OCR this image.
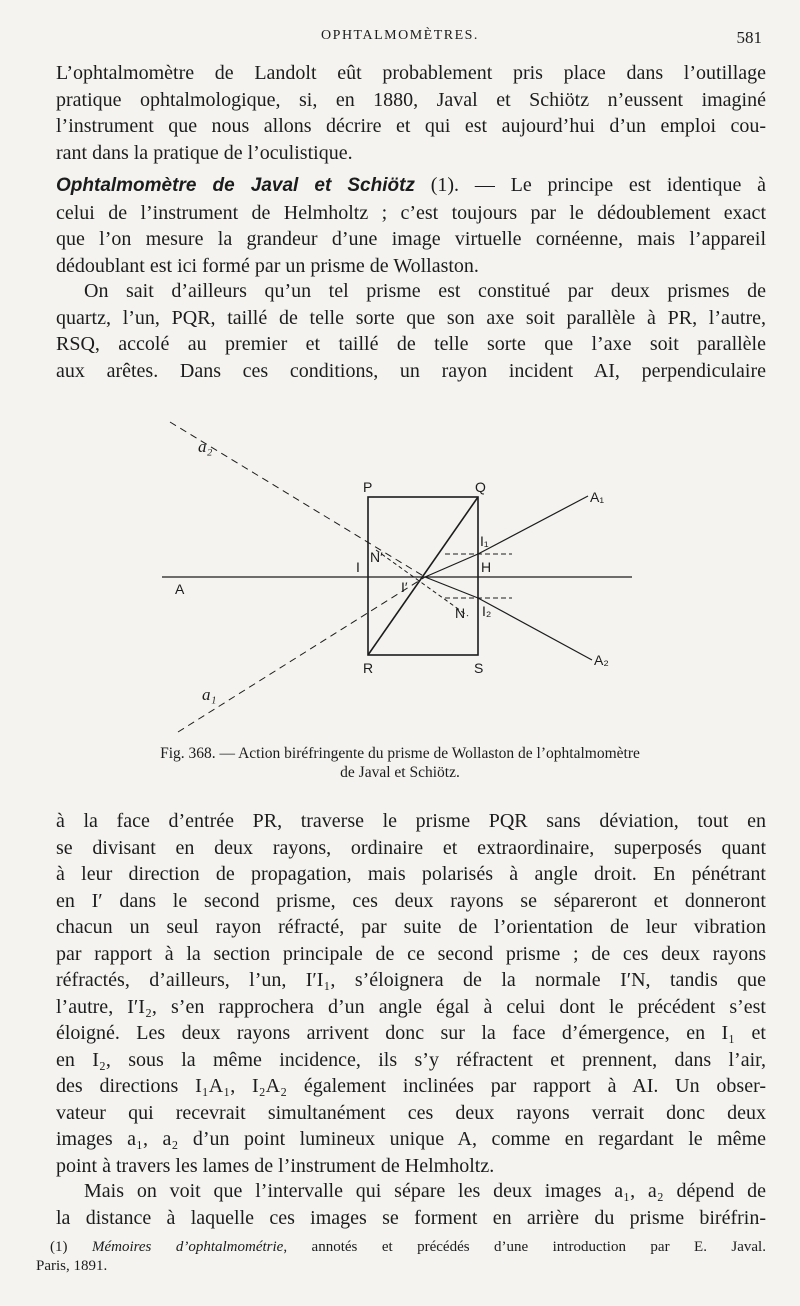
OPHTALMOMÈTRES.	581
L’ophtalmomètre de Landolt eût probablement pris place dans l’outillage
pratique ophtalmologique, si, en 1880, Javal et Schiötz n’eussent imaginé
l’instrument que nous allons décrire et qui est aujourd’hui d’un emploi cou-
rant dans la pratique de l’oculistique.
Ophtalmomètre de Javal et Schiötz (1). — Le principe est identique à
celui de l’instrument de Helmholtz ; c’est toujours par le dédoublement exact
que l’on mesure la grandeur d’une image virtuelle cornéenne, mais l’appareil
dédoublant est ici formé par un prisme de Wollaston.
On sait d’ailleurs qu’un tel prisme est constitué par deux prismes de
quartz, l’un, PQR, taillé de telle sorte que son axe soit parallèle à PR, l’autre,
RSQ, accolé au premier et taillé de telle sorte que l’axe soit parallèle
aux arêtes. Dans ces conditions, un rayon incident AI, perpendiculaire
P	Q
R	S
A
I
I′
N′
N
H
I₁
I₂
A₁
A₂
a₂
a₁
Fig. 368. — Action biréfringente du prisme de Wollaston de l’ophtalmomètre
de Javal et Schiötz.
à la face d’entrée PR, traverse le prisme PQR sans déviation, tout en
se divisant en deux rayons, ordinaire et extraordinaire, superposés quant
à leur direction de propagation, mais polarisés à angle droit. En pénétrant
en I′ dans le second prisme, ces deux rayons se sépareront et donneront
chacun un seul rayon réfracté, par suite de l’orientation de leur vibration
par rapport à la section principale de ce second prisme ; de ces deux rayons
réfractés, d’ailleurs, l’un, I′I₁, s’éloignera de la normale I′N, tandis que
l’autre, I′I₂, s’en rapprochera d’un angle égal à celui dont le précédent s’est
éloigné. Les deux rayons arrivent donc sur la face d’émergence, en I₁ et
en I₂, sous la même incidence, ils s’y réfractent et prennent, dans l’air,
des directions I₁A₁, I₂A₂ également inclinées par rapport à AI. Un obser-
vateur qui recevrait simultanément ces deux rayons verrait donc deux
images a₁, a₂ d’un point lumineux unique A, comme en regardant le même
point à travers les lames de l’instrument de Helmholtz.
Mais on voit que l’intervalle qui sépare les deux images a₁, a₂ dépend de
la distance à laquelle ces images se forment en arrière du prisme biréfrin-
(1) Mémoires d’ophtalmométrie, annotés et précédés d’une introduction par E. Javal.
Paris, 1891.
